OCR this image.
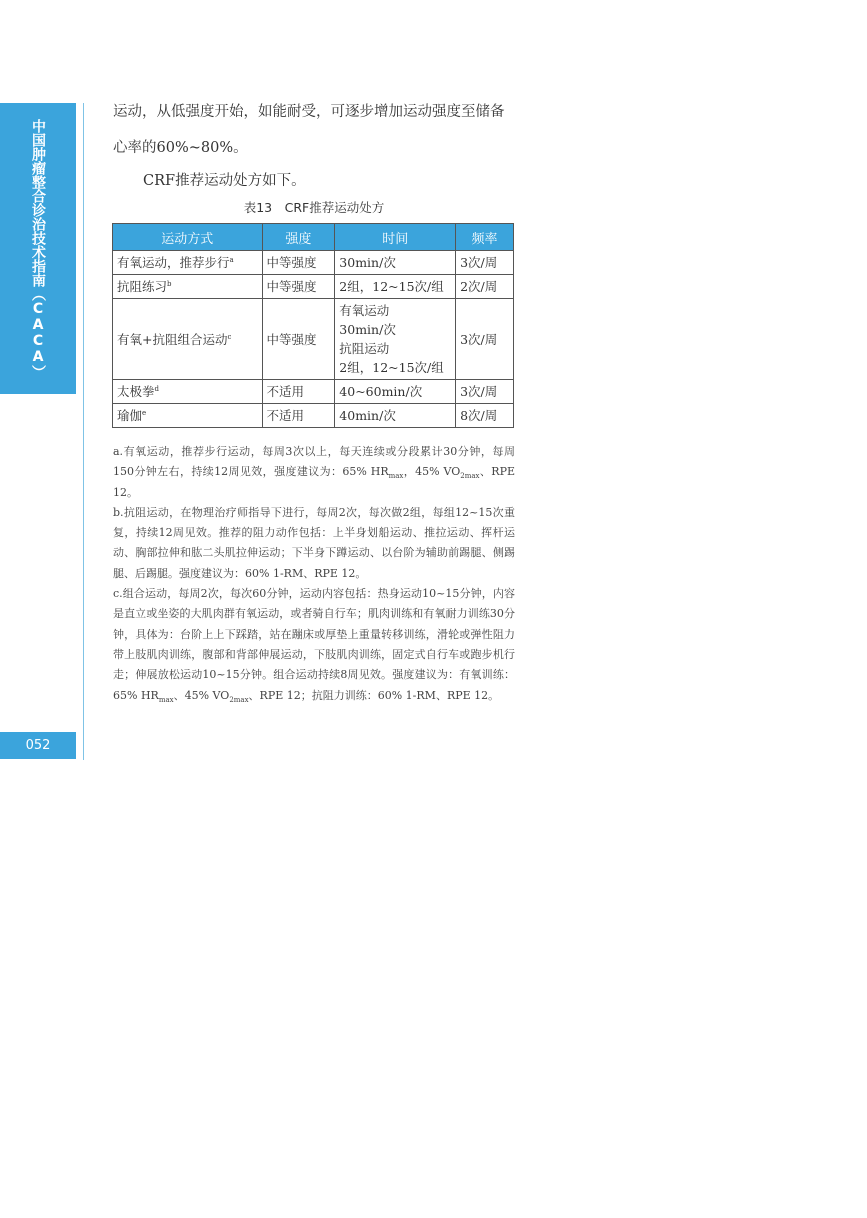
中国肿瘤整合诊治技术指南（CACA）
052
运动，从低强度开始，如能耐受，可逐步增加运动强度至储备心率的60%~80%。
CRF推荐运动处方如下。
表13　CRF推荐运动处方
运动方式	强度	时间	频率
有氧运动，推荐步行$^a$	中等强度	30min/次	3次/周
抗阻练习$^b$	中等强度	2组，12~15次/组	2次/周
有氧+抗阻组合运动$^c$	中等强度	有氧运动
30min/次
抗阻运动
2组，12~15次/组	3次/周
太极拳$^d$	不适用	40~60min/次	3次/周
瑜伽$^e$	不适用	40min/次	8次/周

a.有氧运动，推荐步行运动，每周3次以上，每天连续或分段累计30分钟，每周150分钟左右，持续12周见效，强度建议为：65% $HR_{max}$，45% $VO_{2max}$、RPE 12。

b.抗阻运动，在物理治疗师指导下进行，每周2次，每次做2组，每组12~15次重复，持续12周见效。推荐的阻力动作包括：上半身划船运动、推拉运动、挥杆运动、胸部拉伸和肱二头肌拉伸运动；下半身下蹲运动、以台阶为辅助前踢腿、侧踢腿、后踢腿。强度建议为：60% 1-RM、RPE 12。

c.组合运动，每周2次，每次60分钟，运动内容包括：热身运动10~15分钟，内容是直立或坐姿的大肌肉群有氧运动，或者骑自行车；肌肉训练和有氧耐力训练30分钟，具体为：台阶上上下踩踏，站在蹦床或厚垫上重量转移训练，滑轮或弹性阻力带上肢肌肉训练，腹部和背部伸展运动，下肢肌肉训练，固定式自行车或跑步机行走；伸展放松运动10~15分钟。组合运动持续8周见效。强度建议为：有氧训练：65% $HR_{max}$、45% $VO_{2max}$、RPE 12；抗阻力训练：60% 1-RM、RPE 12。
